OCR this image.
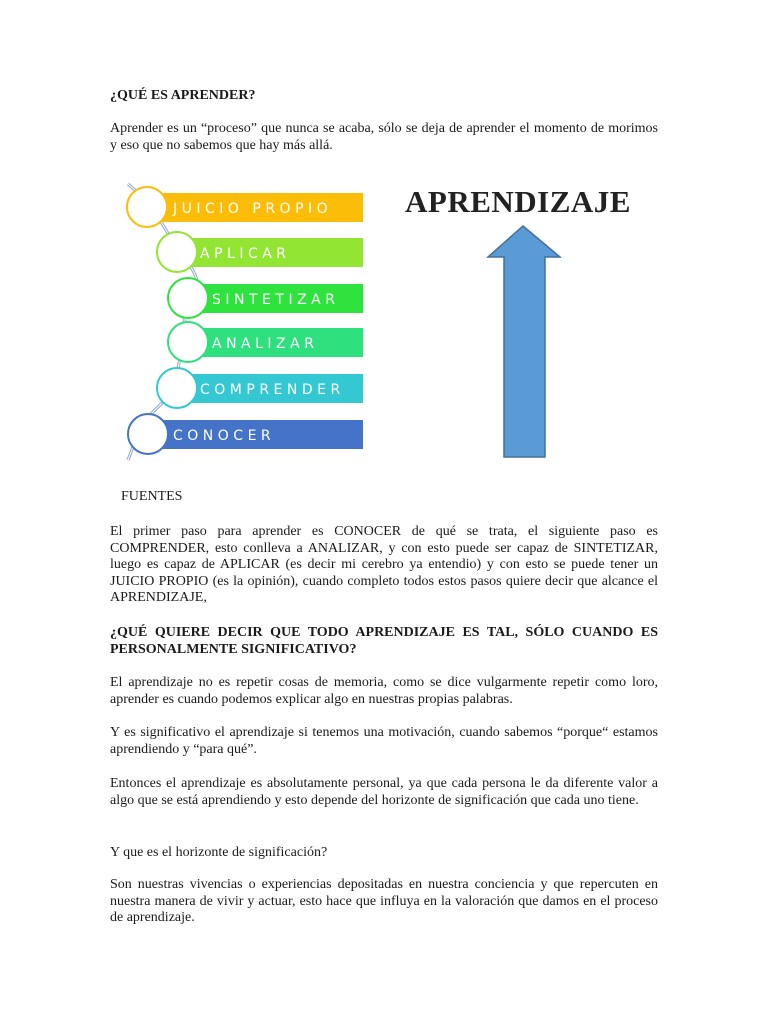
¿QUÉ ES APRENDER?

Aprender es un “proceso” que nunca se acaba, sólo se deja de aprender el momento de morimos y eso que no sabemos que hay más allá.

JUICIO PROPIO
APLICAR
SINTETIZAR
ANALIZAR
COMPRENDER
CONOCER
APRENDIZAJE
FUENTES

El primer paso para aprender es CONOCER de qué se trata, el siguiente paso es COMPRENDER, esto conlleva a ANALIZAR, y con esto puede ser capaz de SINTETIZAR, luego es capaz de APLICAR (es decir mi cerebro ya entendio) y con esto se puede tener un JUICIO PROPIO (es la opinión), cuando completo todos estos pasos quiere decir que alcance el APRENDIZAJE,

¿QUÉ QUIERE DECIR QUE TODO APRENDIZAJE ES TAL, SÓLO CUANDO ES PERSONALMENTE SIGNIFICATIVO?

El aprendizaje no es repetir cosas de memoria, como se dice vulgarmente repetir como loro, aprender es cuando podemos explicar algo en nuestras propias palabras.

Y es significativo el aprendizaje si tenemos una motivación, cuando sabemos “porque“ estamos aprendiendo y “para qué”.

Entonces el aprendizaje es absolutamente personal, ya que cada persona le da diferente valor a algo que se está aprendiendo y esto depende del horizonte de significación que cada uno tiene.

Y que es el horizonte de significación?

Son nuestras vivencias o experiencias depositadas en nuestra conciencia y que repercuten en nuestra manera de vivir y actuar, esto hace que influya en la valoración que damos en el proceso de aprendizaje.
